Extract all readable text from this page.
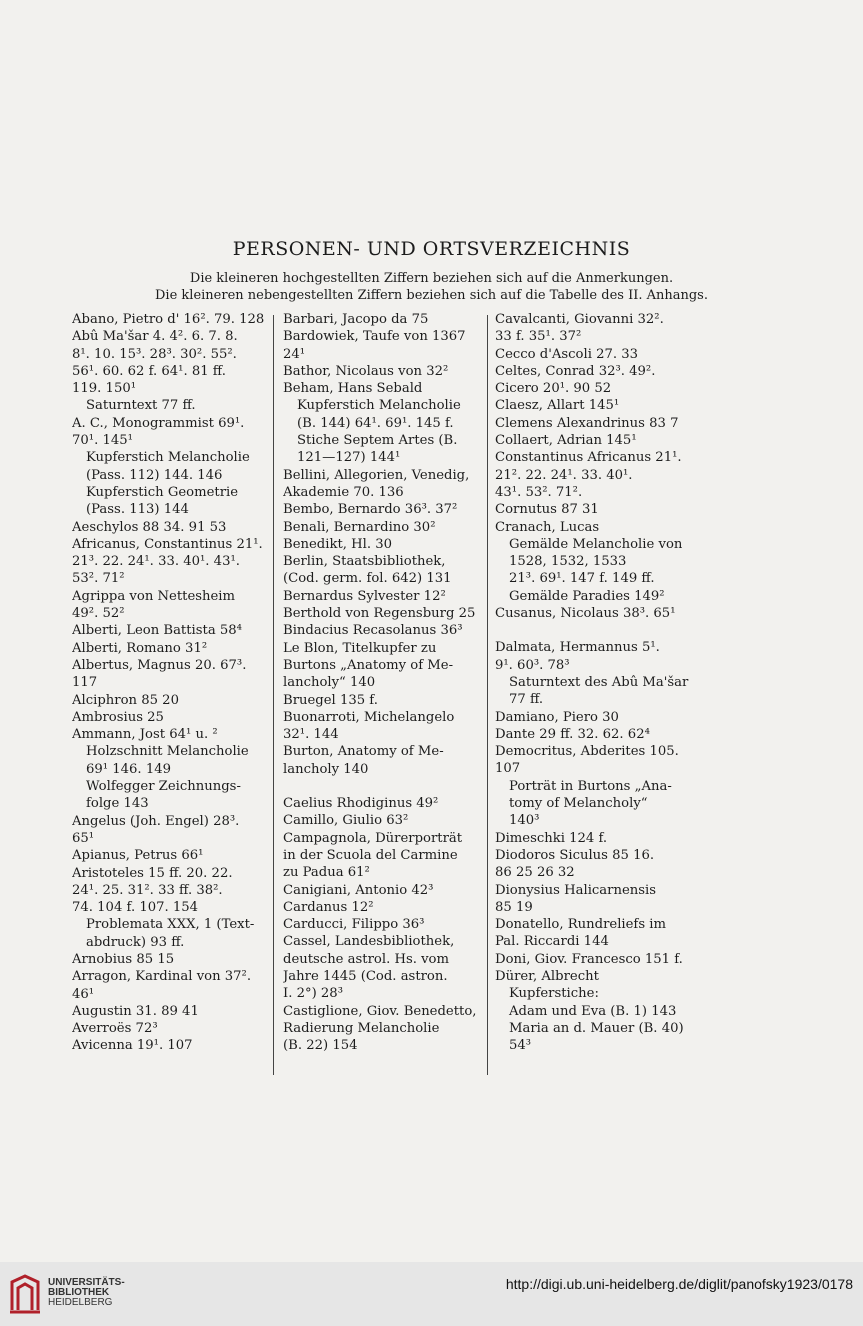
PERSONEN- UND ORTSVERZEICHNIS
Die kleineren hochgestellten Ziffern beziehen sich auf die Anmerkungen.
Die kleineren nebengestellten Ziffern beziehen sich auf die Tabelle des II. Anhangs.
Abano, Pietro d' 16². 79. 128
Abû Ma'šar 4. 4². 6. 7. 8.
8¹. 10. 15³. 28³. 30². 55².
56¹. 60. 62 f. 64¹. 81 ff.
119. 150¹
Saturntext 77 ff.
A. C., Monogrammist 69¹.
70¹. 145¹
Kupferstich Melancholie
(Pass. 112) 144. 146
Kupferstich Geometrie
(Pass. 113) 144
Aeschylos 88 34. 91 53
Africanus, Constantinus 21¹.
21³. 22. 24¹. 33. 40¹. 43¹.
53². 71²
Agrippa von Nettesheim
49². 52²
Alberti, Leon Battista 58⁴
Alberti, Romano 31²
Albertus, Magnus 20. 67³.
117
Alciphron 85 20
Ambrosius 25
Ammann, Jost 64¹ u. ²
Holzschnitt Melancholie
69¹ 146. 149
Wolfegger Zeichnungs-
folge 143
Angelus (Joh. Engel) 28³.
65¹
Apianus, Petrus 66¹
Aristoteles 15 ff. 20. 22.
24¹. 25. 31². 33 ff. 38².
74. 104 f. 107. 154
Problemata XXX, 1 (Text-
abdruck) 93 ff.
Arnobius 85 15
Arragon, Kardinal von 37².
46¹
Augustin 31. 89 41
Averroës 72³
Avicenna 19¹. 107
Barbari, Jacopo da 75
Bardowiek, Taufe von 1367
24¹
Bathor, Nicolaus von 32²
Beham, Hans Sebald
Kupferstich Melancholie
(B. 144) 64¹. 69¹. 145 f.
Stiche Septem Artes (B.
121—127) 144¹
Bellini, Allegorien, Venedig,
Akademie 70. 136
Bembo, Bernardo 36³. 37²
Benali, Bernardino 30²
Benedikt, Hl. 30
Berlin, Staatsbibliothek,
(Cod. germ. fol. 642) 131
Bernardus Sylvester 12²
Berthold von Regensburg 25
Bindacius Recasolanus 36³
Le Blon, Titelkupfer zu
Burtons „Anatomy of Me-
lancholy“ 140
Bruegel 135 f.
Buonarroti, Michelangelo
32¹. 144
Burton, Anatomy of Me-
lancholy 140
Caelius Rhodiginus 49²
Camillo, Giulio 63²
Campagnola, Dürerporträt
in der Scuola del Carmine
zu Padua 61²
Canigiani, Antonio 42³
Cardanus 12²
Carducci, Filippo 36³
Cassel, Landesbibliothek,
deutsche astrol. Hs. vom
Jahre 1445 (Cod. astron.
I. 2°) 28³
Castiglione, Giov. Benedetto,
Radierung Melancholie
(B. 22) 154
Cavalcanti, Giovanni 32².
33 f. 35¹. 37²
Cecco d'Ascoli 27. 33
Celtes, Conrad 32³. 49².
Cicero 20¹. 90 52
Claesz, Allart 145¹
Clemens Alexandrinus 83 7
Collaert, Adrian 145¹
Constantinus Africanus 21¹.
21². 22. 24¹. 33. 40¹.
43¹. 53². 71².
Cornutus 87 31
Cranach, Lucas
Gemälde Melancholie von
1528, 1532, 1533
21³. 69¹. 147 f. 149 ff.
Gemälde Paradies 149²
Cusanus, Nicolaus 38³. 65¹
Dalmata, Hermannus 5¹.
9¹. 60³. 78³
Saturntext des Abû Ma'šar
77 ff.
Damiano, Piero 30
Dante 29 ff. 32. 62. 62⁴
Democritus, Abderites 105.
107
Porträt in Burtons „Ana-
tomy of Melancholy“
140³
Dimeschki 124 f.
Diodoros Siculus 85 16.
86 25 26 32
Dionysius Halicarnensis
85 19
Donatello, Rundreliefs im
Pal. Riccardi 144
Doni, Giov. Francesco 151 f.
Dürer, Albrecht
Kupferstiche:
Adam und Eva (B. 1) 143
Maria an d. Mauer (B. 40)
54³
UNIVERSITÄTS-
BIBLIOTHEK
HEIDELBERG
http://digi.ub.uni-heidelberg.de/diglit/panofsky1923/0178
